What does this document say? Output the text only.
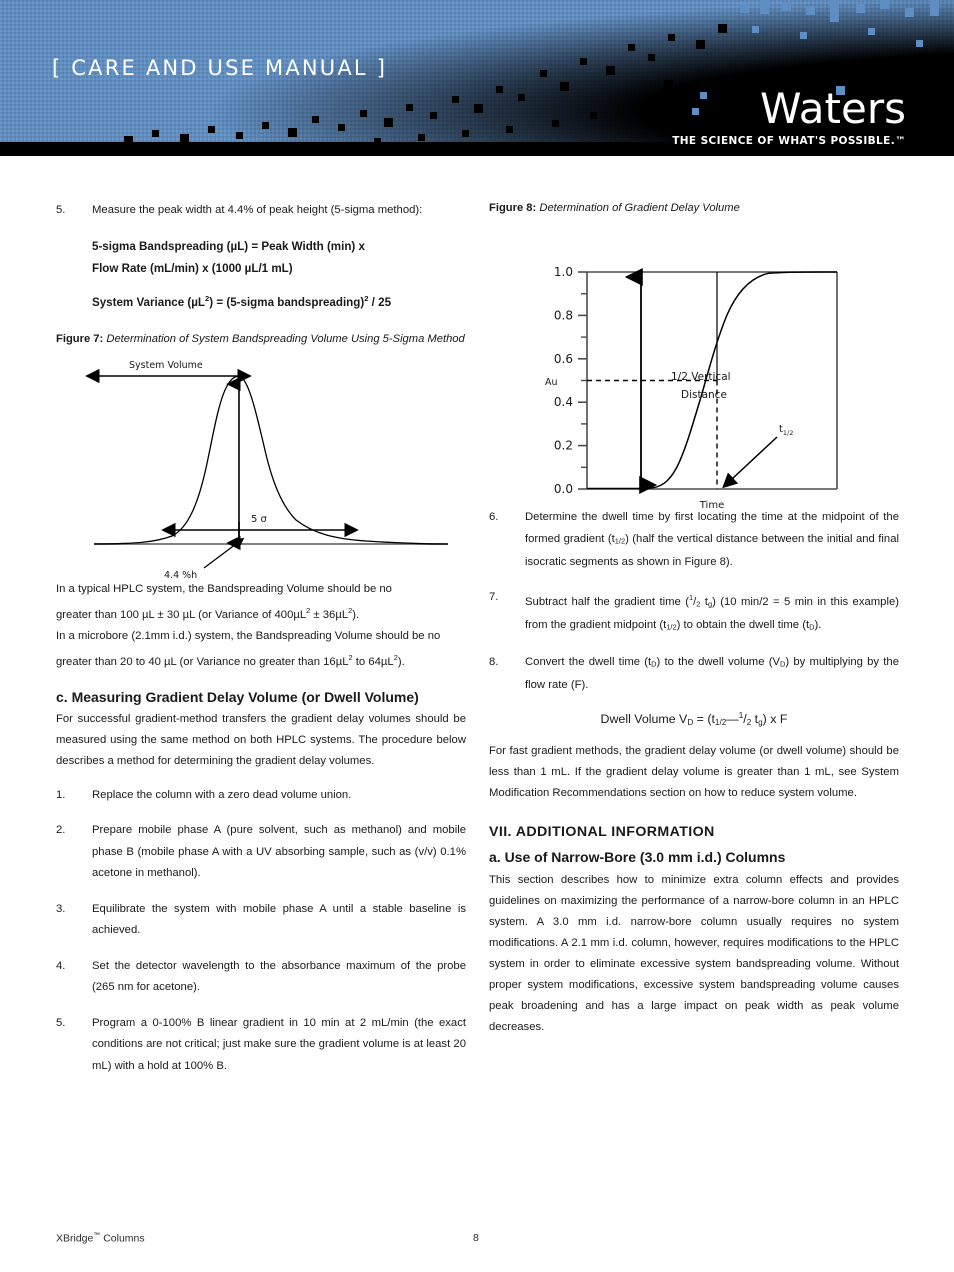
[ CARE AND USE MANUAL ]
Waters
THE SCIENCE OF WHAT'S POSSIBLE.™
5.	Measure the peak width at 4.4% of peak height (5-sigma method):
5-sigma Bandspreading (µL) = Peak Width (min) x
Flow Rate (mL/min) x (1000 µL/1 mL)
System Variance (µL$^2$) = (5-sigma bandspreading)$^2$ / 25
Figure 7: Determination of System Bandspreading Volume Using 5-Sigma Method
System Volume
5 σ
4.4 %h

In a typical HPLC system, the Bandspreading Volume should be no
greater than 100 µL ± 30 µL (or Variance of 400µL$^2$ ± 36µL$^2$).
In a microbore (2.1mm i.d.) system, the Bandspreading Volume should be no
greater than 20 to 40 µL (or Variance no greater than 16µL$^2$ to 64µL$^2$).

c. Measuring Gradient Delay Volume (or Dwell Volume)

For successful gradient-method transfers the gradient delay volumes should be measured using the same method on both HPLC systems. The procedure below describes a method for determining the gradient delay volumes.

1.	Replace the column with a zero dead volume union.
2.	Prepare mobile phase A (pure solvent, such as methanol) and mobile phase B (mobile phase A with a UV absorbing sample, such as (v/v) 0.1% acetone in methanol).
3.	Equilibrate the system with mobile phase A until a stable baseline is achieved.
4.	Set the detector wavelength to the absorbance maximum of the probe (265 nm for acetone).
5.	Program a 0-100% B linear gradient in 10 min at 2 mL/min (the exact conditions are not critical; just make sure the gradient volume is at least 20 mL) with a hold at 100% B.
Figure 8: Determination of Gradient Delay Volume
1.0
0.8
0.6
0.4
0.2
0.0
Au
Time
1/2 Vertical
Distance
$t_{1/2}$
6.	Determine the dwell time by first locating the time at the midpoint of the formed gradient $(t_{1/2})$ (half the vertical distance between the initial and final isocratic segments as shown in Figure 8).
7.	Subtract half the gradient time ($^1/_2$ $t_g$) (10 min/2 = 5 min in this example) from the gradient midpoint $(t_{1/2})$ to obtain the dwell time $(t_D)$.
8.	Convert the dwell time $(t_D)$ to the dwell volume $(V_D)$ by multiplying by the flow rate (F).
Dwell Volume $V_D$ = ($t_{1/2}—^1/_2$ $t_g$) x F

For fast gradient methods, the gradient delay volume (or dwell volume) should be less than 1 mL. If the gradient delay volume is greater than 1 mL, see System Modification Recommendations section on how to reduce system volume.

VII. ADDITIONAL INFORMATION
a. Use of Narrow-Bore (3.0 mm i.d.) Columns

This section describes how to minimize extra column effects and provides guidelines on maximizing the performance of a narrow-bore column in an HPLC system. A 3.0 mm i.d. narrow-bore column usually requires no system modifications. A 2.1 mm i.d. column, however, requires modifications to the HPLC system in order to eliminate excessive system bandspreading volume. Without proper system modifications, excessive system bandspreading volume causes peak broadening and has a large impact on peak width as peak volume decreases.

XBridge™ Columns	8
